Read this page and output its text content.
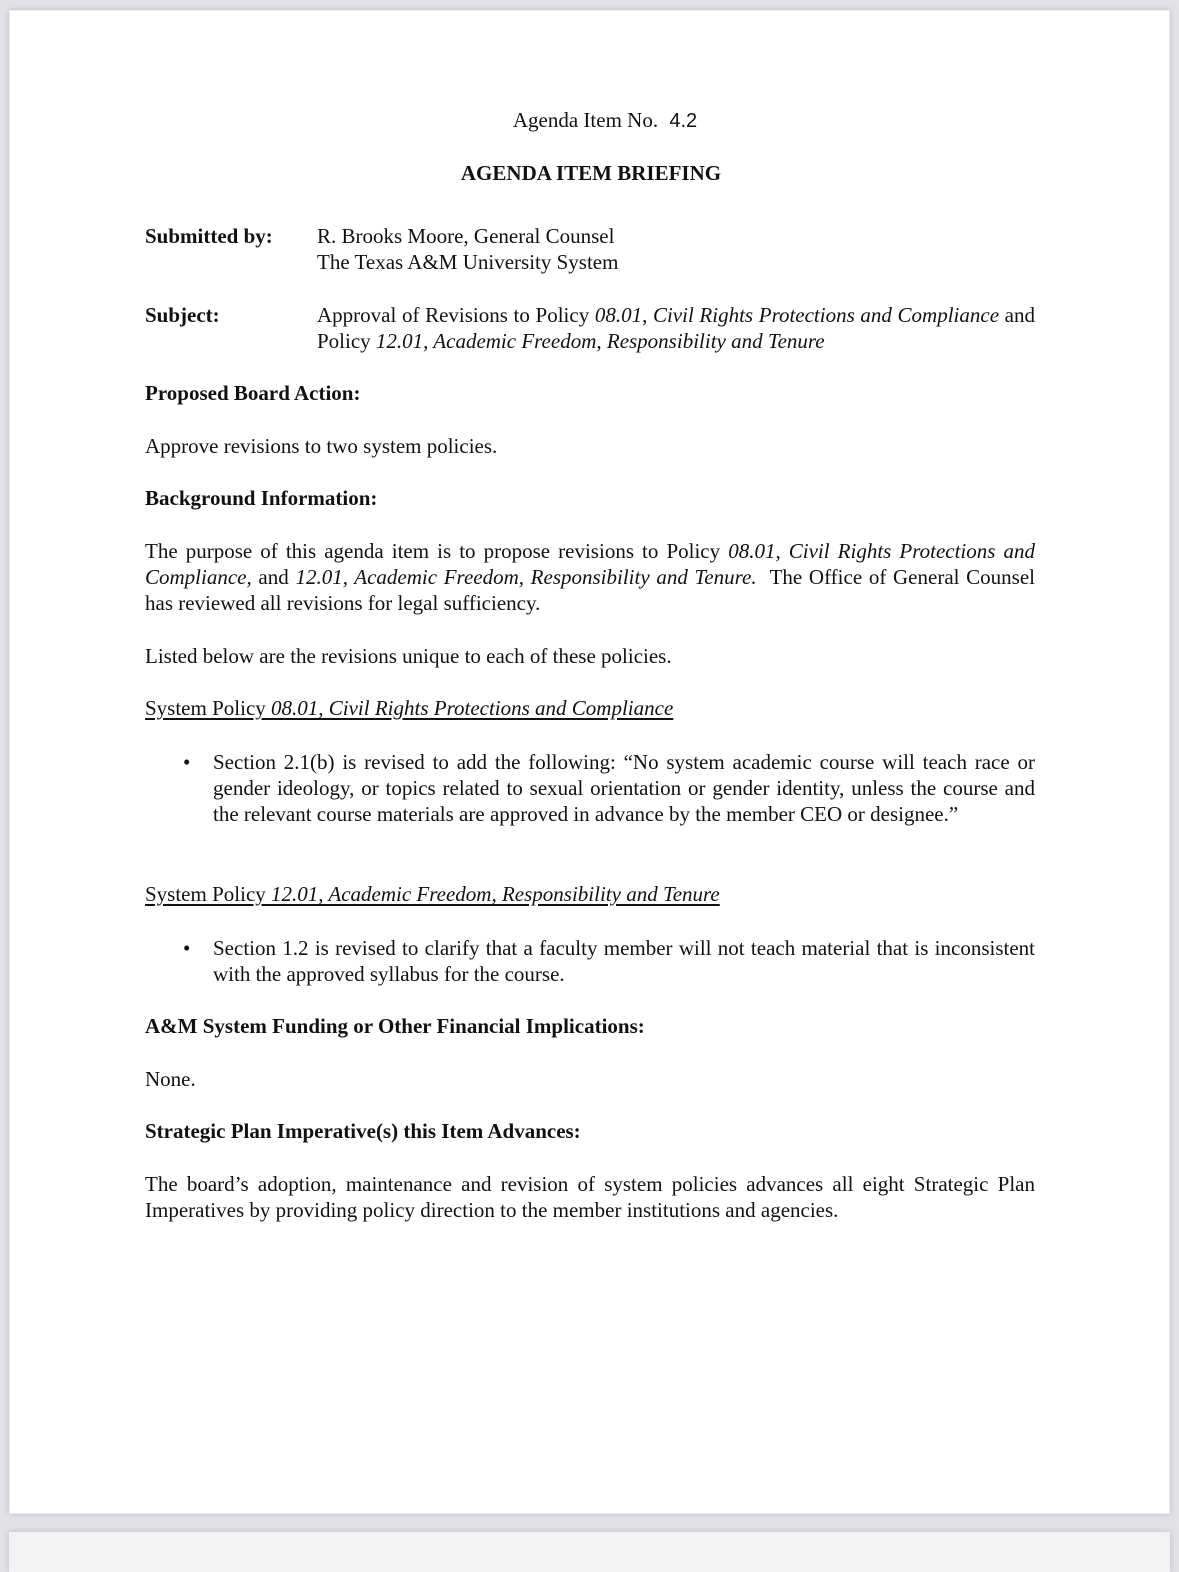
Agenda Item No. 4.2
AGENDA ITEM BRIEFING
Submitted by: R. Brooks Moore, General Counsel
The Texas A&M University System
Subject:	Approval of Revisions to Policy 08.01, Civil Rights Protections and Compliance and Policy 12.01, Academic Freedom, Responsibility and Tenure
Proposed Board Action:
Approve revisions to two system policies.
Background Information:
The purpose of this agenda item is to propose revisions to Policy 08.01, Civil Rights Protections and Compliance, and 12.01, Academic Freedom, Responsibility and Tenure.  The Office of General Counsel has reviewed all revisions for legal sufficiency.
Listed below are the revisions unique to each of these policies.
System Policy 08.01, Civil Rights Protections and Compliance
• Section 2.1(b) is revised to add the following: “No system academic course will teach race or gender ideology, or topics related to sexual orientation or gender identity, unless the course and the relevant course materials are approved in advance by the member CEO or designee.”
System Policy 12.01, Academic Freedom, Responsibility and Tenure
• Section 1.2 is revised to clarify that a faculty member will not teach material that is inconsistent with the approved syllabus for the course.
A&M System Funding or Other Financial Implications:
None.
Strategic Plan Imperative(s) this Item Advances:
The board’s adoption, maintenance and revision of system policies advances all eight Strategic Plan Imperatives by providing policy direction to the member institutions and agencies.
